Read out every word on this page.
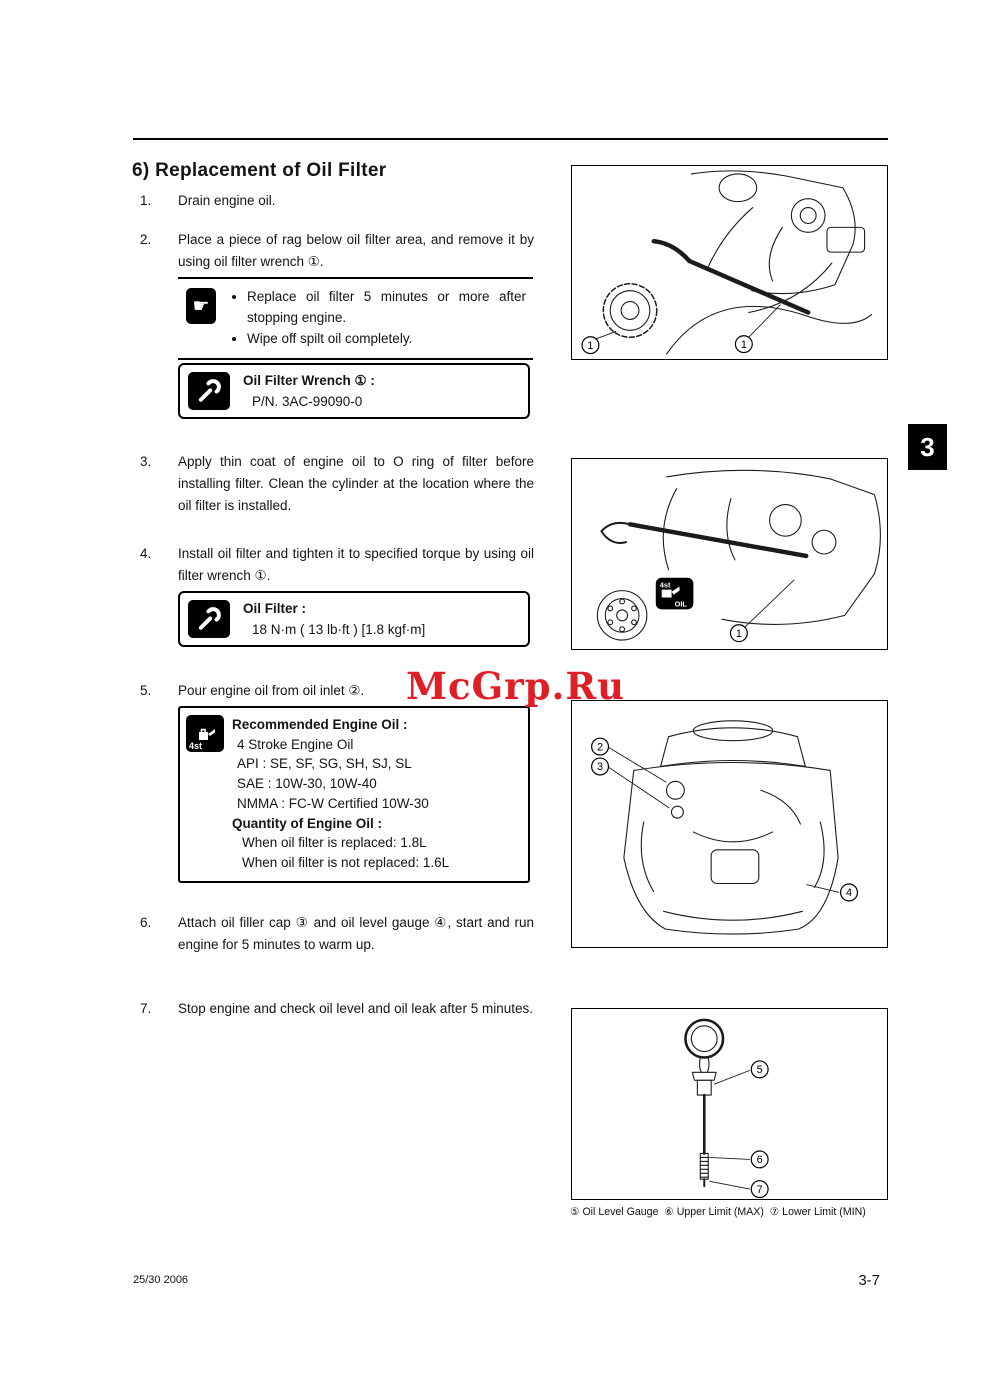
6) Replacement of Oil Filter
1.	Drain engine oil.
2.	Place a piece of rag below oil filter area, and remove it by using oil filter wrench ①.
☛	• Replace oil filter 5 minutes or more after stopping engine.
• Wipe off spilt oil completely.
Oil Filter Wrench ① :
P/N. 3AC-99090-0
3.	Apply thin coat of engine oil to O ring of filter before installing filter. Clean the cylinder at the location where the oil filter is installed.
4.	Install oil filter and tighten it to specified torque by using oil filter wrench ①.
Oil Filter :
18 N·m ( 13 lb·ft ) [1.8 kgf·m]
5.	Pour engine oil from oil inlet ②.
4st
Recommended Engine Oil :
4 Stroke Engine Oil
API : SE, SF, SG, SH, SJ, SL
SAE : 10W-30, 10W-40
NMMA : FC-W Certified 10W-30
Quantity of Engine Oil :
When oil filter is replaced: 1.8L
When oil filter is not replaced: 1.6L
6.	Attach oil filler cap ③ and oil level gauge ④, start and run engine for 5 minutes to warm up.
7.	Stop engine and check oil level and oil leak after 5 minutes.
McGrp.Ru
1	1
4st
OIL
1
2
3
4
5
6
7
⑤ Oil Level Gauge  ⑥ Upper Limit (MAX)  ⑦ Lower Limit (MIN)
3
25/30 2006	3-7
